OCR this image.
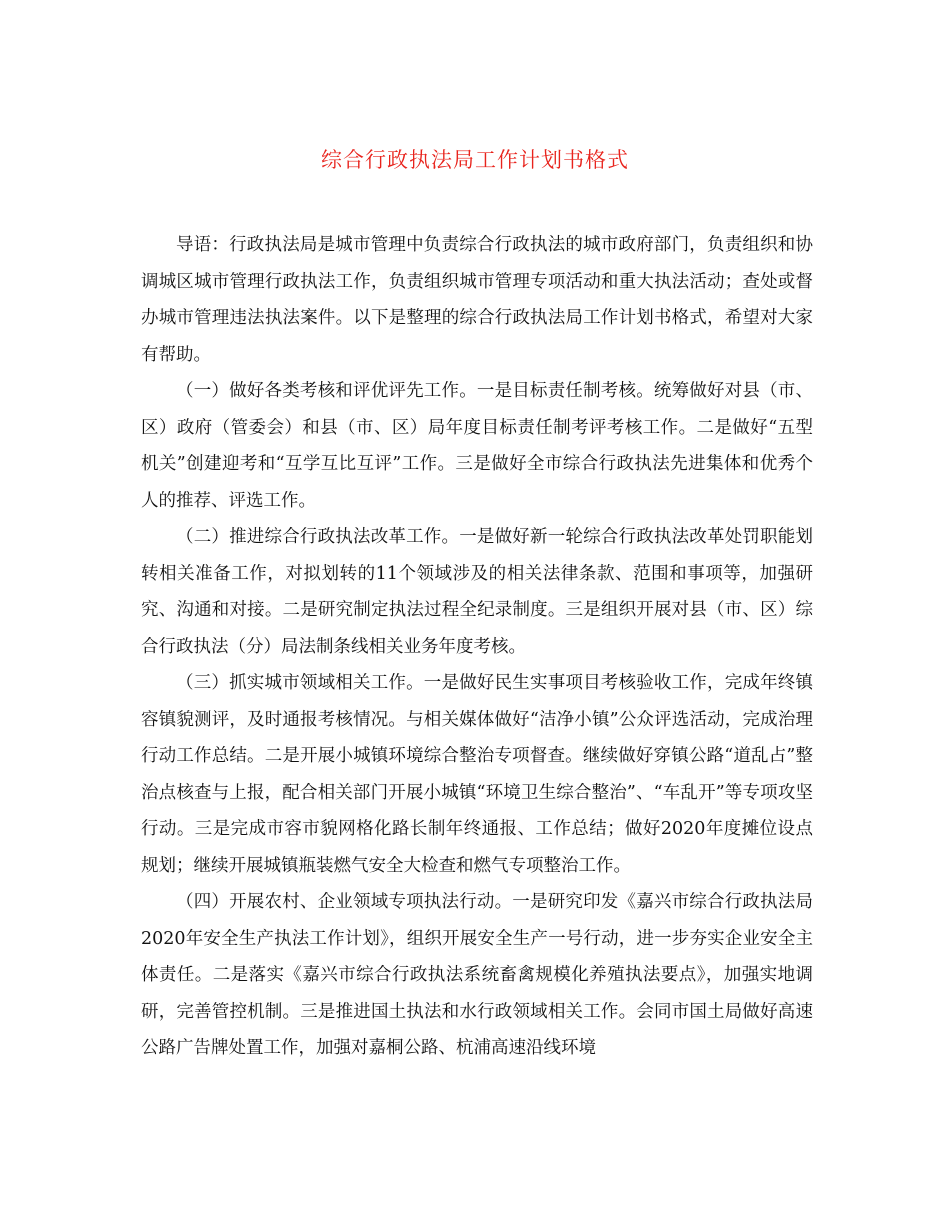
综合行政执法局工作计划书格式

导语：行政执法局是城市管理中负责综合行政执法的城市政府部门，负责组织和协调城区城市管理行政执法工作，负责组织城市管理专项活动和重大执法活动；查处或督办城市管理违法执法案件。以下是整理的综合行政执法局工作计划书格式，希望对大家有帮助。

（一）做好各类考核和评优评先工作。一是目标责任制考核。统筹做好对县（市、区）政府（管委会）和县（市、区）局年度目标责任制考评考核工作。二是做好“五型机关”创建迎考和“互学互比互评”工作。三是做好全市综合行政执法先进集体和优秀个人的推荐、评选工作。

（二）推进综合行政执法改革工作。一是做好新一轮综合行政执法改革处罚职能划转相关准备工作，对拟划转的11个领域涉及的相关法律条款、范围和事项等，加强研究、沟通和对接。二是研究制定执法过程全纪录制度。三是组织开展对县（市、区）综合行政执法（分）局法制条线相关业务年度考核。

（三）抓实城市领域相关工作。一是做好民生实事项目考核验收工作，完成年终镇容镇貌测评，及时通报考核情况。与相关媒体做好“洁净小镇”公众评选活动，完成治理行动工作总结。二是开展小城镇环境综合整治专项督查。继续做好穿镇公路“道乱占”整治点核查与上报，配合相关部门开展小城镇“环境卫生综合整治”、“车乱开”等专项攻坚行动。三是完成市容市貌网格化路长制年终通报、工作总结；做好2020年度摊位设点规划；继续开展城镇瓶装燃气安全大检查和燃气专项整治工作。

（四）开展农村、企业领域专项执法行动。一是研究印发《嘉兴市综合行政执法局2020年安全生产执法工作计划》，组织开展安全生产一号行动，进一步夯实企业安全主体责任。二是落实《嘉兴市综合行政执法系统畜禽规模化养殖执法要点》，加强实地调研，完善管控机制。三是推进国土执法和水行政领域相关工作。会同市国土局做好高速公路广告牌处置工作，加强对嘉桐公路、杭浦高速沿线环境
